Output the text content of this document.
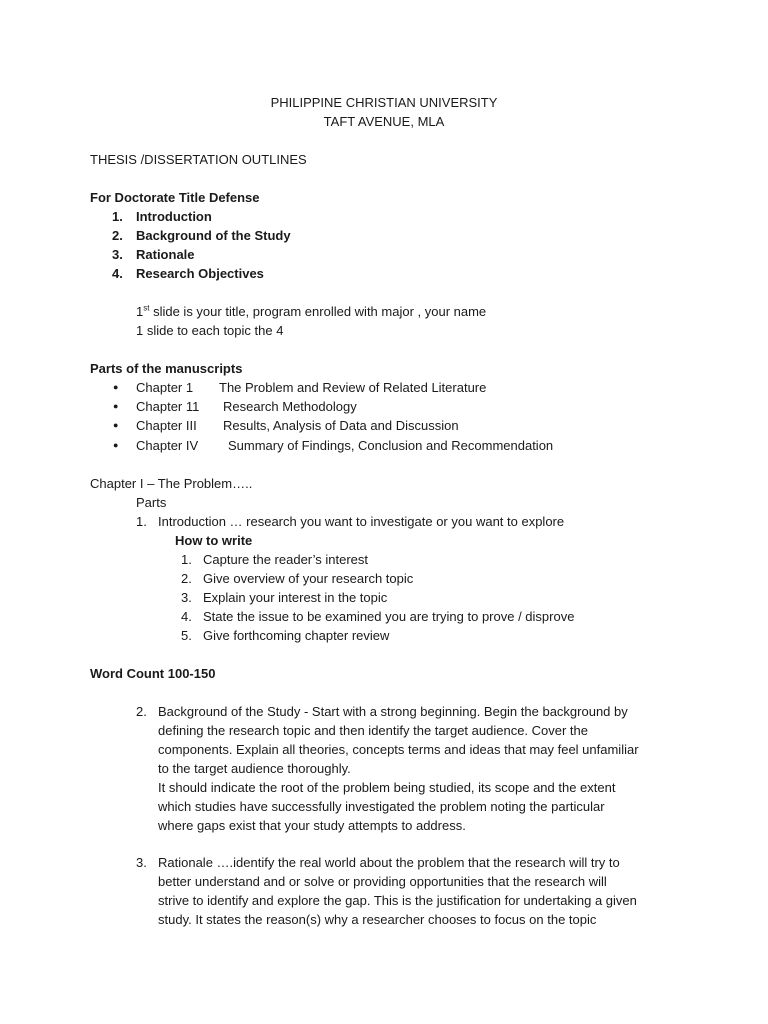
PHILIPPINE CHRISTIAN UNIVERSITY
TAFT AVENUE, MLA
THESIS /DISSERTATION OUTLINES
For Doctorate Title Defense
1. Introduction
2. Background of the Study
3. Rationale
4. Research Objectives
1st slide is your title, program enrolled with major , your name
1 slide to each topic the 4
Parts of the manuscripts
● Chapter 1 The Problem and Review of Related Literature
● Chapter 11 Research Methodology
● Chapter III Results, Analysis of Data and Discussion
● Chapter IV Summary of Findings, Conclusion and Recommendation
Chapter I – The Problem…..
Parts
1. Introduction … research you want to investigate or you want to explore
How to write
1. Capture the reader’s interest
2. Give overview of your research topic
3. Explain your interest in the topic
4. State the issue to be examined you are trying to prove / disprove
5. Give forthcoming chapter review
Word Count 100-150
2. Background of the Study - Start with a strong beginning. Begin the background by
defining the research topic and then identify the target audience. Cover the
components. Explain all theories, concepts terms and ideas that may feel unfamiliar
to the target audience thoroughly.
It should indicate the root of the problem being studied, its scope and the extent
which studies have successfully investigated the problem noting the particular
where gaps exist that your study attempts to address.
3. Rationale ….identify the real world about the problem that the research will try to
better understand and or solve or providing opportunities that the research will
strive to identify and explore the gap. This is the justification for undertaking a given
study. It states the reason(s) why a researcher chooses to focus on the topic
